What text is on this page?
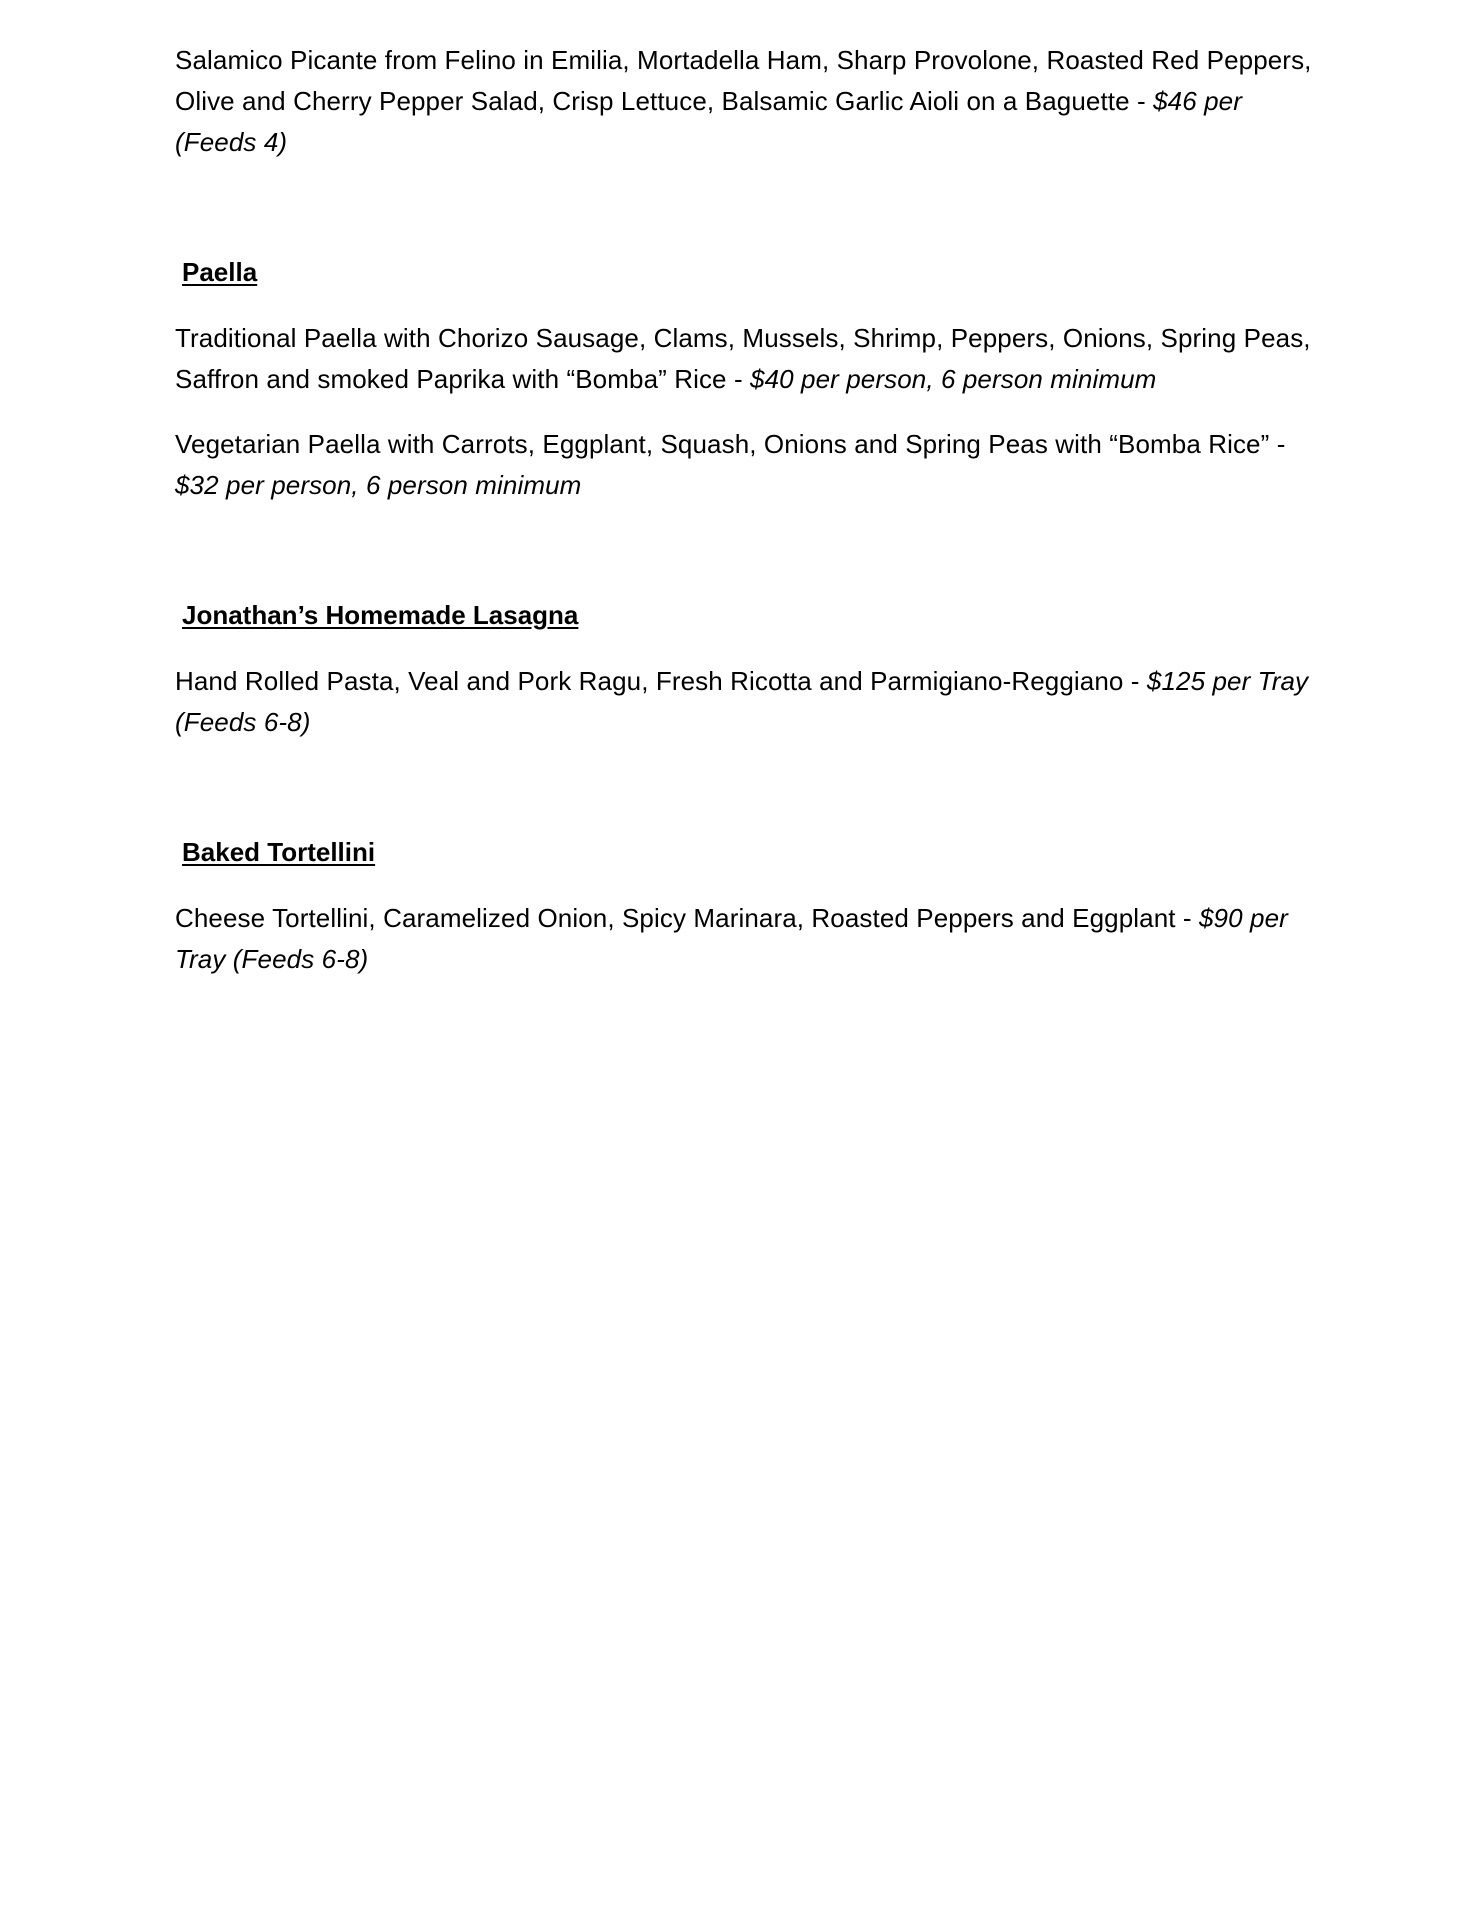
Salamico Picante from Felino in Emilia, Mortadella Ham, Sharp Provolone, Roasted Red Peppers, Olive and Cherry Pepper Salad, Crisp Lettuce, Balsamic Garlic Aioli on a Baguette - $46 per (Feeds 4)

Paella

Traditional Paella with Chorizo Sausage, Clams, Mussels, Shrimp, Peppers, Onions, Spring Peas, Saffron and smoked Paprika with “Bomba” Rice - $40 per person, 6 person minimum

Vegetarian Paella with Carrots, Eggplant, Squash, Onions and Spring Peas with “Bomba Rice” - $32 per person, 6 person minimum

Jonathan’s Homemade Lasagna

Hand Rolled Pasta, Veal and Pork Ragu, Fresh Ricotta and Parmigiano-Reggiano - $125 per Tray (Feeds 6-8)

Baked Tortellini

Cheese Tortellini, Caramelized Onion, Spicy Marinara, Roasted Peppers and Eggplant - $90 per Tray (Feeds 6-8)
